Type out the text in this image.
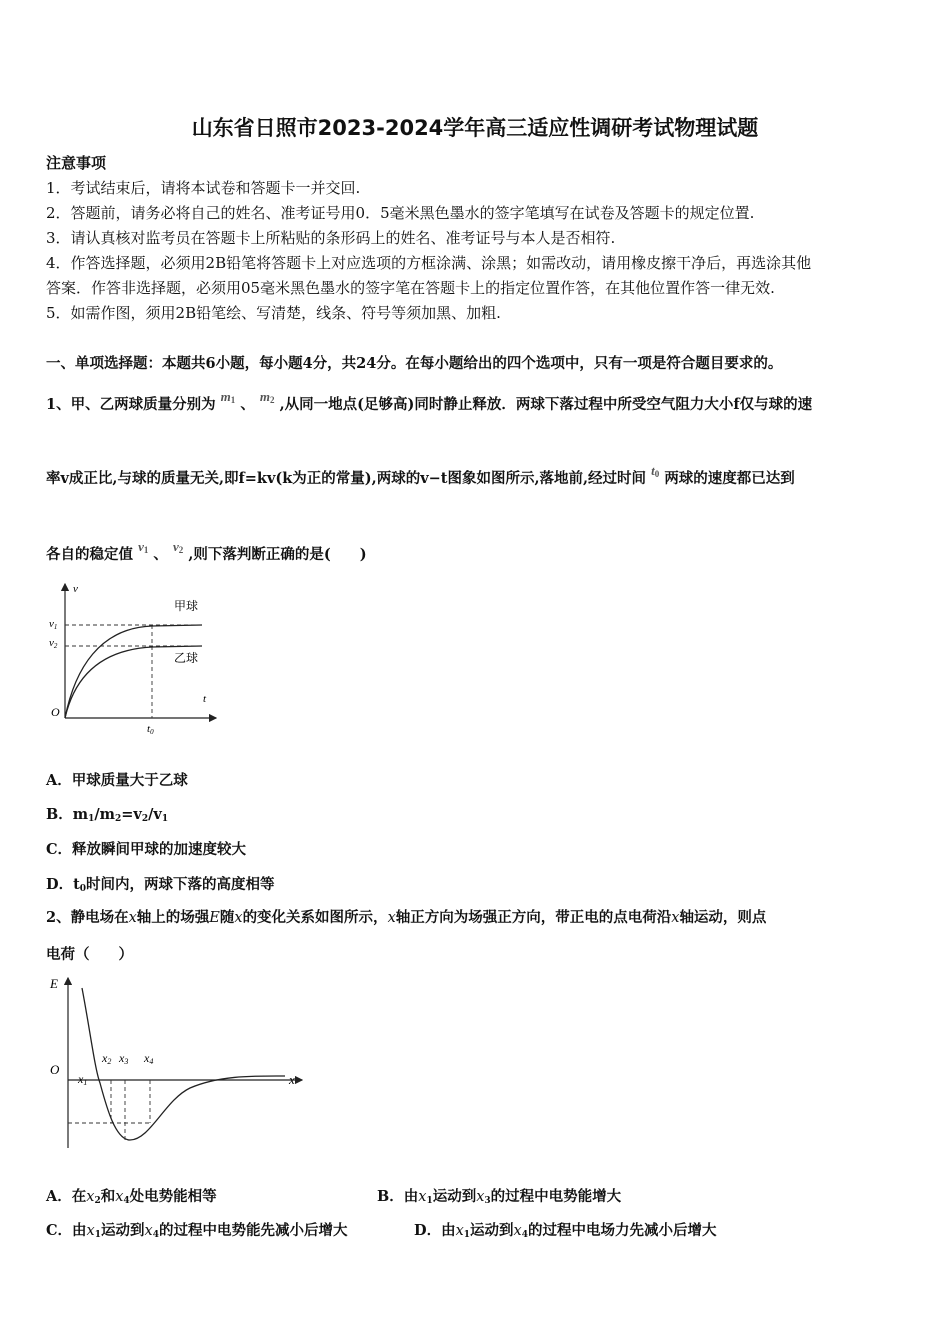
山东省日照市2023-2024学年高三适应性调研考试物理试题
注意事项
1．考试结束后，请将本试卷和答题卡一并交回.
2．答题前，请务必将自己的姓名、准考证号用0．5毫米黑色墨水的签字笔填写在试卷及答题卡的规定位置.
3．请认真核对监考员在答题卡上所粘贴的条形码上的姓名、准考证号与本人是否相符.
4．作答选择题，必须用2B铅笔将答题卡上对应选项的方框涂满、涂黑；如需改动，请用橡皮擦干净后，再选涂其他
答案．作答非选择题，必须用05毫米黑色墨水的签字笔在答题卡上的指定位置作答，在其他位置作答一律无效.
5．如需作图，须用2B铅笔绘、写清楚，线条、符号等须加黑、加粗.
一、单项选择题：本题共6小题，每小题4分，共24分。在每小题给出的四个选项中，只有一项是符合题目要求的。
1、甲、乙两球质量分别为 $m_1$ 、 $m_2$ ,从同一地点(足够高)同时静止释放．两球下落过程中所受空气阻力大小f仅与球的速
率v成正比,与球的质量无关,即f=kv(k为正的常量),两球的v−t图象如图所示,落地前,经过时间 $t_0$ 两球的速度都已达到
各自的稳定值 $v_1$ 、 $v_2$ ,则下落判断正确的是(　　)
v
t
O
v1
v2
t0
甲球
乙球
A．甲球质量大于乙球
B．$m_1/m_2=v_2/v_1$
C．释放瞬间甲球的加速度较大
D．$t_0$时间内，两球下落的高度相等
2、静电场在x轴上的场强E随x的变化关系如图所示，x轴正方向为场强正方向，带正电的点电荷沿x轴运动，则点
电荷（　　）
E
x
O
x1
x2 x3 x4
A．在$x_2$和$x_4$处电势能相等	B．由$x_1$运动到$x_3$的过程中电势能增大
C．由$x_1$运动到$x_4$的过程中电势能先减小后增大	D．由$x_1$运动到$x_4$的过程中电场力先减小后增大
